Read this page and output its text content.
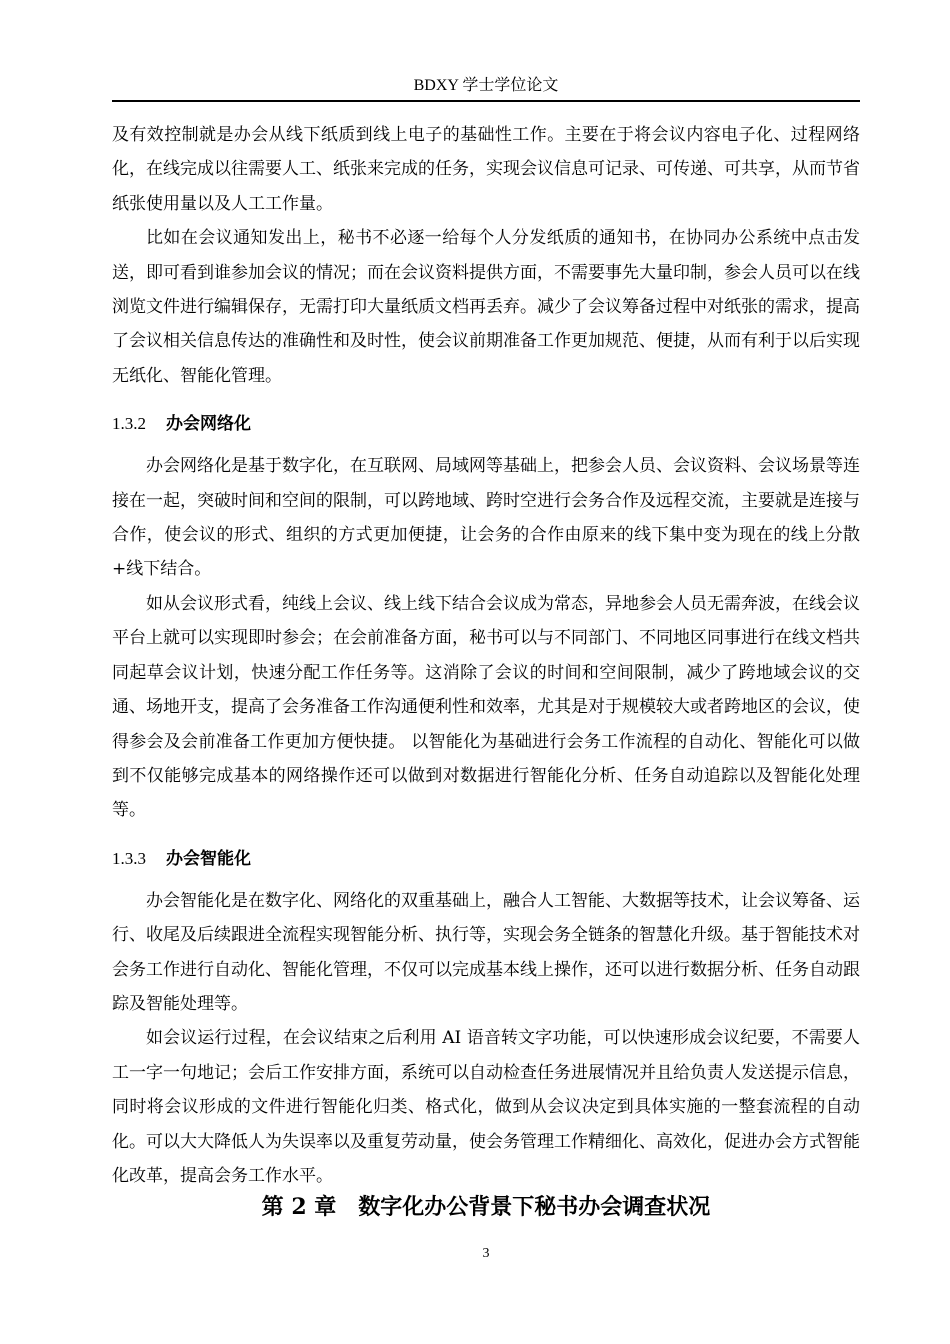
BDXY 学士学位论文

及有效控制就是办会从线下纸质到线上电子的基础性工作。主要在于将会议内容电子化、过程网络化，在线完成以往需要人工、纸张来完成的任务，实现会议信息可记录、可传递、可共享，从而节省纸张使用量以及人工工作量。

比如在会议通知发出上，秘书不必逐一给每个人分发纸质的通知书，在协同办公系统中点击发送，即可看到谁参加会议的情况；而在会议资料提供方面，不需要事先大量印制，参会人员可以在线浏览文件进行编辑保存，无需打印大量纸质文档再丢弃。减少了会议筹备过程中对纸张的需求，提高了会议相关信息传达的准确性和及时性，使会议前期准备工作更加规范、便捷，从而有利于以后实现无纸化、智能化管理。

1.3.2 办会网络化

办会网络化是基于数字化，在互联网、局域网等基础上，把参会人员、会议资料、会议场景等连接在一起，突破时间和空间的限制，可以跨地域、跨时空进行会务合作及远程交流，主要就是连接与合作，使会议的形式、组织的方式更加便捷，让会务的合作由原来的线下集中变为现在的线上分散+线下结合。

如从会议形式看，纯线上会议、线上线下结合会议成为常态，异地参会人员无需奔波，在线会议平台上就可以实现即时参会；在会前准备方面，秘书可以与不同部门、不同地区同事进行在线文档共同起草会议计划，快速分配工作任务等。这消除了会议的时间和空间限制，减少了跨地域会议的交通、场地开支，提高了会务准备工作沟通便利性和效率，尤其是对于规模较大或者跨地区的会议，使得参会及会前准备工作更加方便快捷。 以智能化为基础进行会务工作流程的自动化、智能化可以做到不仅能够完成基本的网络操作还可以做到对数据进行智能化分析、任务自动追踪以及智能化处理等。

1.3.3 办会智能化

办会智能化是在数字化、网络化的双重基础上，融合人工智能、大数据等技术，让会议筹备、运行、收尾及后续跟进全流程实现智能分析、执行等，实现会务全链条的智慧化升级。基于智能技术对会务工作进行自动化、智能化管理，不仅可以完成基本线上操作，还可以进行数据分析、任务自动跟踪及智能处理等。

如会议运行过程，在会议结束之后利用 AI 语音转文字功能，可以快速形成会议纪要，不需要人工一字一句地记；会后工作安排方面，系统可以自动检查任务进展情况并且给负责人发送提示信息，同时将会议形成的文件进行智能化归类、格式化，做到从会议决定到具体实施的一整套流程的自动化。可以大大降低人为失误率以及重复劳动量，使会务管理工作精细化、高效化，促进办会方式智能化改革，提高会务工作水平。

第 2 章　数字化办公背景下秘书办会调查状况
3
